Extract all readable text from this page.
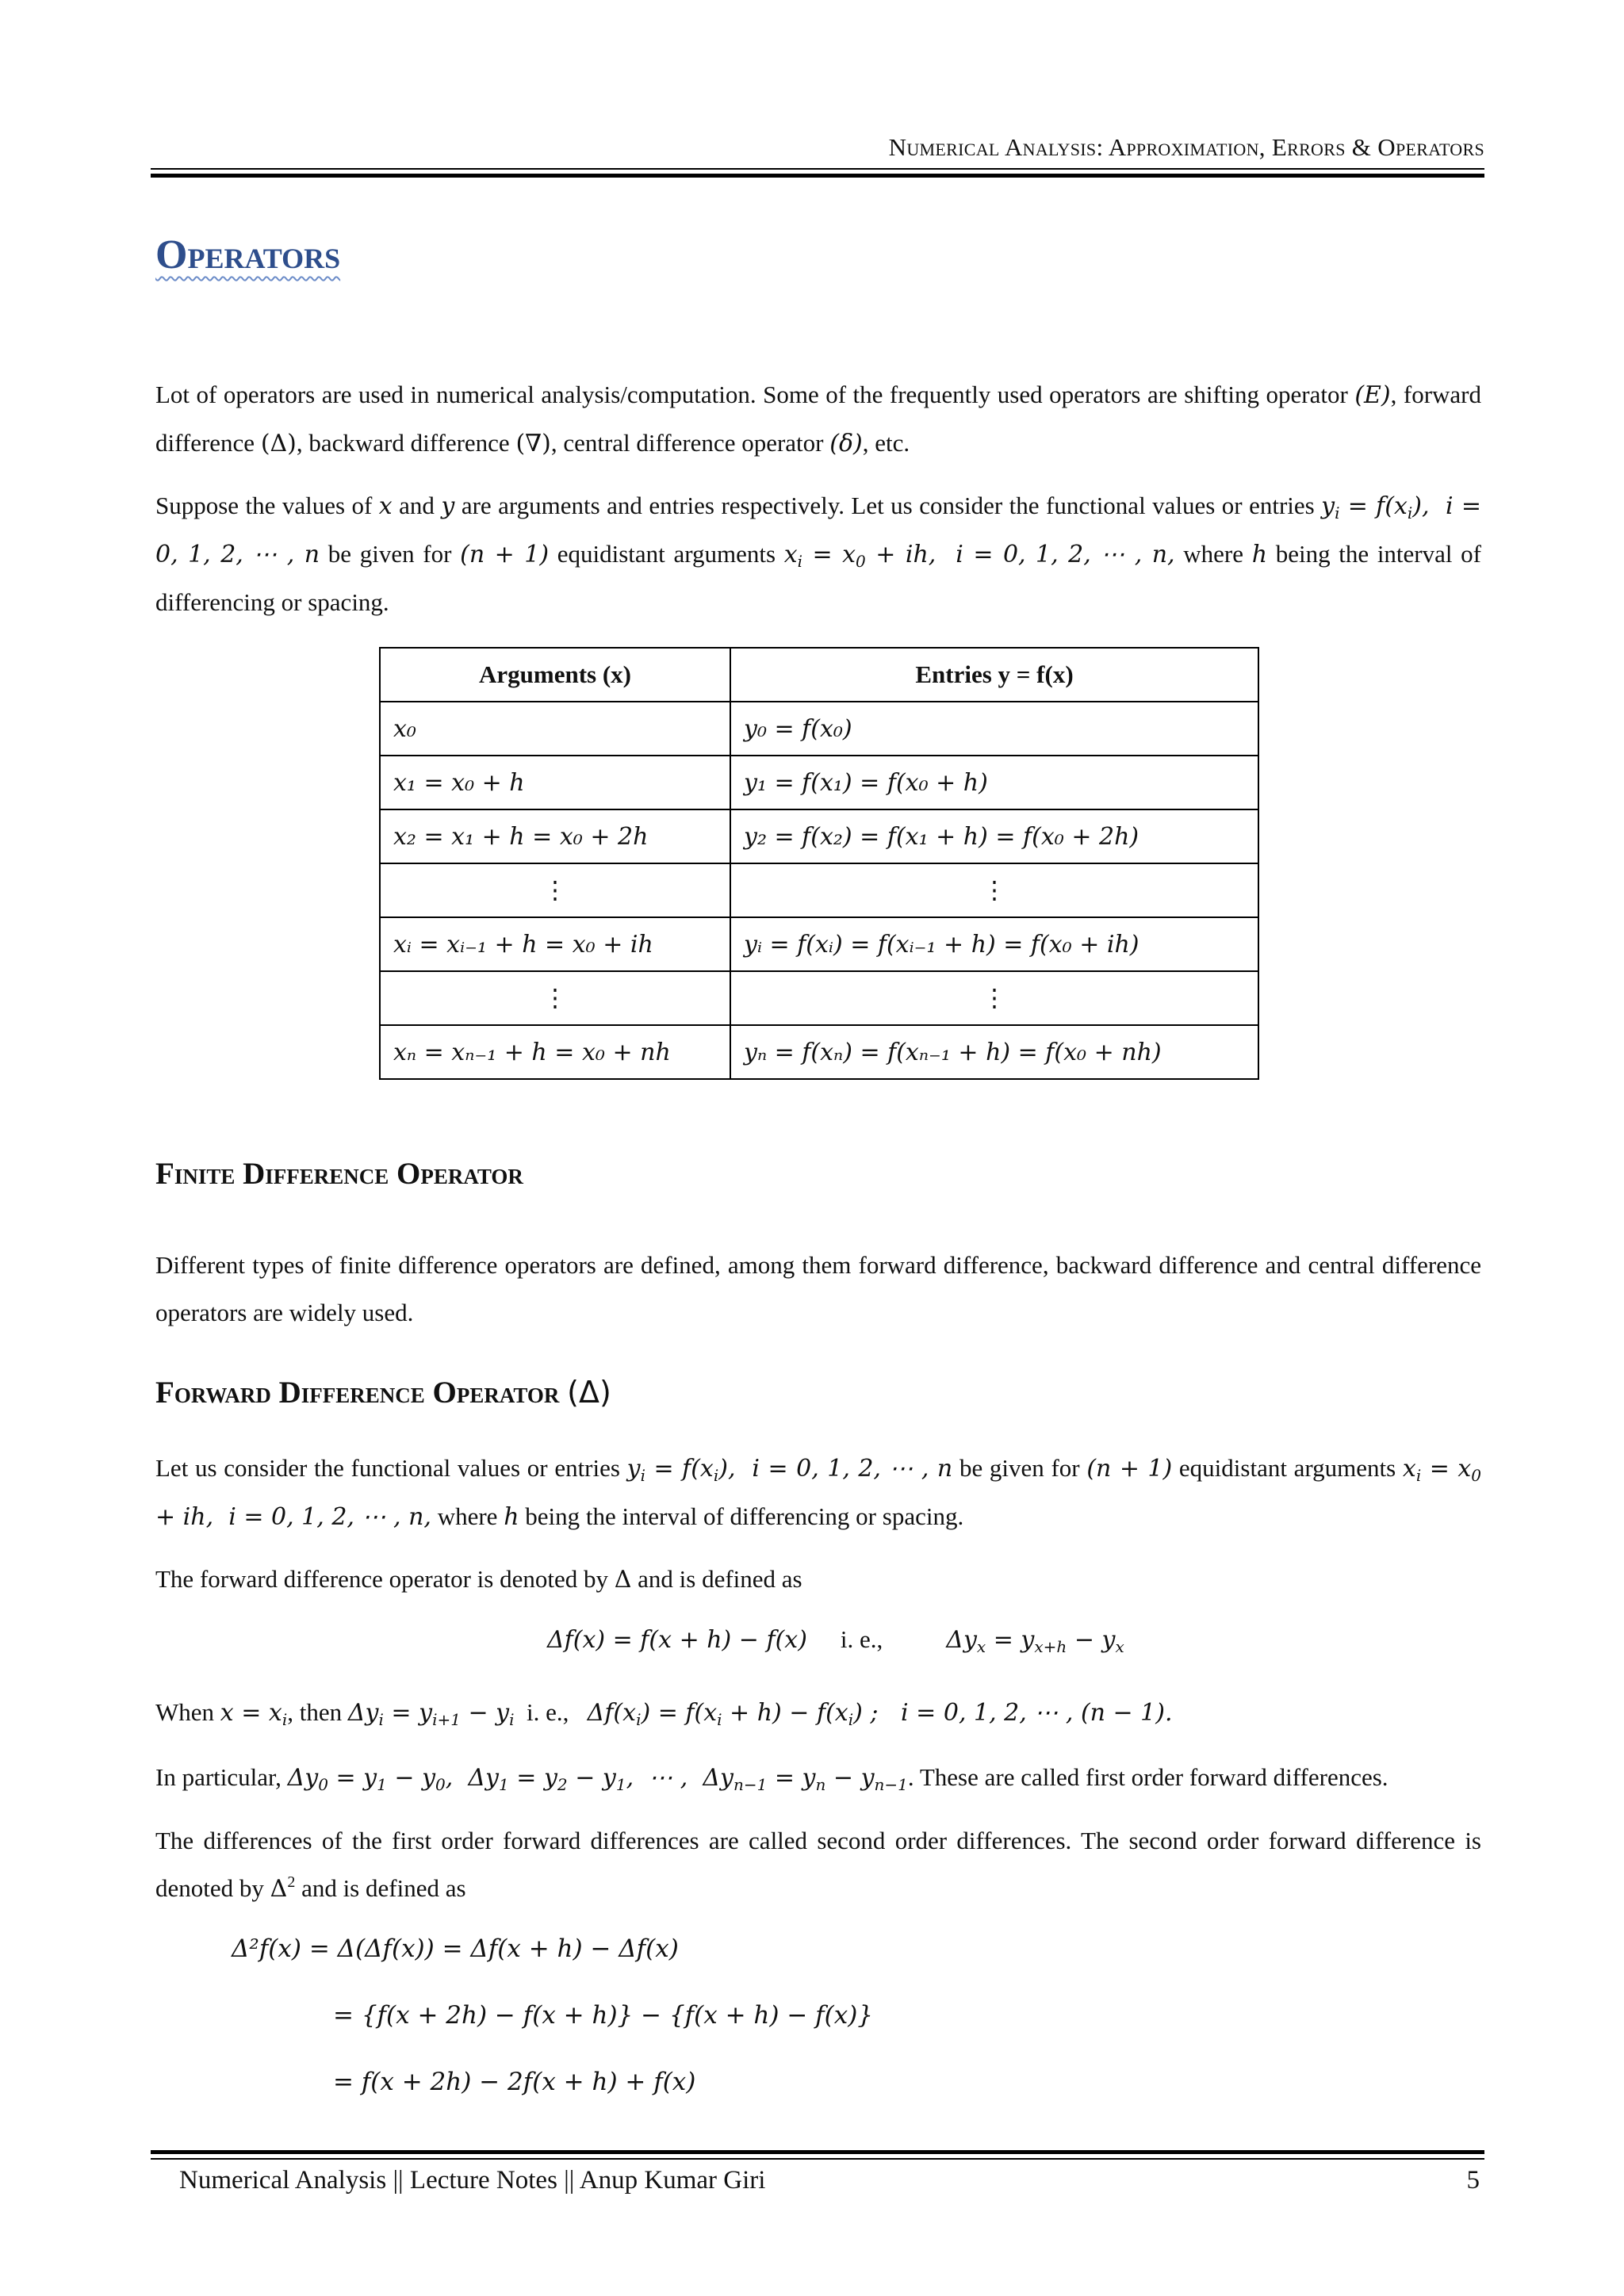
Numerical Analysis: Approximation, Errors & Operators
Operators

Lot of operators are used in numerical analysis/computation. Some of the frequently used operators are shifting operator (E), forward difference (Δ), backward difference (∇), central difference operator (δ), etc.

Suppose the values of x and y are arguments and entries respectively. Let us consider the functional values or entries $y_i = f(x_i)$,  i = 0, 1, 2, ⋯ , n be given for (n + 1) equidistant arguments $x_i = x_0$ + ih,  i = 0, 1, 2, ⋯ , n, where h being the interval of differencing or spacing.

Arguments (x)	Entries y = f(x)
x₀	y₀ = f(x₀)
x₁ = x₀ + h	y₁ = f(x₁) = f(x₀ + h)
x₂ = x₁ + h = x₀ + 2h	y₂ = f(x₂) = f(x₁ + h) = f(x₀ + 2h)
⋮	⋮
xᵢ = xᵢ₋₁ + h = x₀ + ih	yᵢ = f(xᵢ) = f(xᵢ₋₁ + h) = f(x₀ + ih)
⋮	⋮
xₙ = xₙ₋₁ + h = x₀ + nh	yₙ = f(xₙ) = f(xₙ₋₁ + h) = f(x₀ + nh)
Finite Difference Operator

Different types of finite difference operators are defined, among them forward difference, backward difference and central difference operators are widely used.

Forward Difference Operator (Δ)

Let us consider the functional values or entries $y_i = f(x_i)$,  i = 0, 1, 2, ⋯ , n be given for (n + 1) equidistant arguments $x_i = x_0$ + ih,  i = 0, 1, 2, ⋯ , n, where h being the interval of differencing or spacing.

The forward difference operator is denoted by Δ and is defined as

Δf(x) = f(x + h) − f(x) i. e.,	$\Delta y_x = y_{x+h} - y_x$

When $x = x_i$, then $\Delta y_i = y_{i+1} - y_i$ i. e., $\Delta f(x_i) = f(x_i + h) - f(x_i)$ ;   i = 0, 1, 2, ⋯ , (n − 1).

In particular, $\Delta y_0 = y_1 - y_0$,  $\Delta y_1 = y_2 - y_1$,  ⋯ ,  $\Delta y_{n-1} = y_n - y_{n-1}$. These are called first order forward differences.

The differences of the first order forward differences are called second order differences. The second order forward difference is denoted by $\Delta^2$ and is defined as

Δ²f(x) = Δ(Δf(x)) = Δf(x + h) − Δf(x)
= {f(x + 2h) − f(x + h)} − {f(x + h) − f(x)}
= f(x + 2h) − 2f(x + h) + f(x)
Numerical Analysis || Lecture Notes || Anup Kumar Giri	5
